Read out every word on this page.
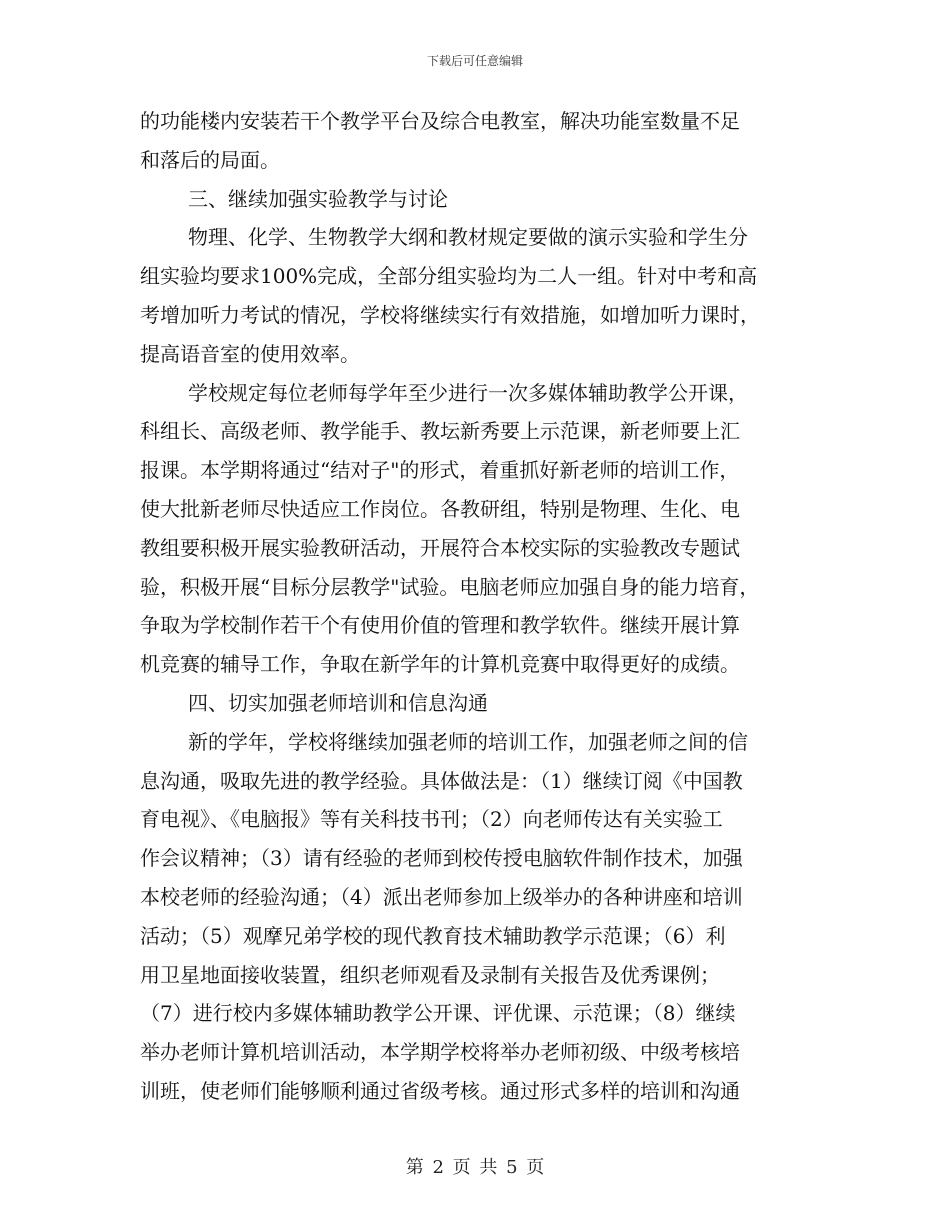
下载后可任意编辑
的功能楼内安装若干个教学平台及综合电教室，解决功能室数量不足
和落后的局面。
三、继续加强实验教学与讨论
物理、化学、生物教学大纲和教材规定要做的演示实验和学生分
组实验均要求100%完成，全部分组实验均为二人一组。针对中考和高
考增加听力考试的情况，学校将继续实行有效措施，如增加听力课时，
提高语音室的使用效率。
学校规定每位老师每学年至少进行一次多媒体辅助教学公开课，
科组长、高级老师、教学能手、教坛新秀要上示范课，新老师要上汇
报课。本学期将通过“结对子"的形式，着重抓好新老师的培训工作，
使大批新老师尽快适应工作岗位。各教研组，特别是物理、生化、电
教组要积极开展实验教研活动，开展符合本校实际的实验教改专题试
验，积极开展“目标分层教学"试验。电脑老师应加强自身的能力培育，
争取为学校制作若干个有使用价值的管理和教学软件。继续开展计算
机竞赛的辅导工作，争取在新学年的计算机竞赛中取得更好的成绩。
四、切实加强老师培训和信息沟通
新的学年，学校将继续加强老师的培训工作，加强老师之间的信
息沟通，吸取先进的教学经验。具体做法是：（1）继续订阅《中国教
育电视》、《电脑报》等有关科技书刊；（2）向老师传达有关实验工
作会议精神；（3）请有经验的老师到校传授电脑软件制作技术，加强
本校老师的经验沟通；（4）派出老师参加上级举办的各种讲座和培训
活动；（5）观摩兄弟学校的现代教育技术辅助教学示范课；（6）利
用卫星地面接收装置，组织老师观看及录制有关报告及优秀课例；
（7）进行校内多媒体辅助教学公开课、评优课、示范课；（8）继续
举办老师计算机培训活动，本学期学校将举办老师初级、中级考核培
训班，使老师们能够顺利通过省级考核。通过形式多样的培训和沟通
第 2 页 共 5 页
